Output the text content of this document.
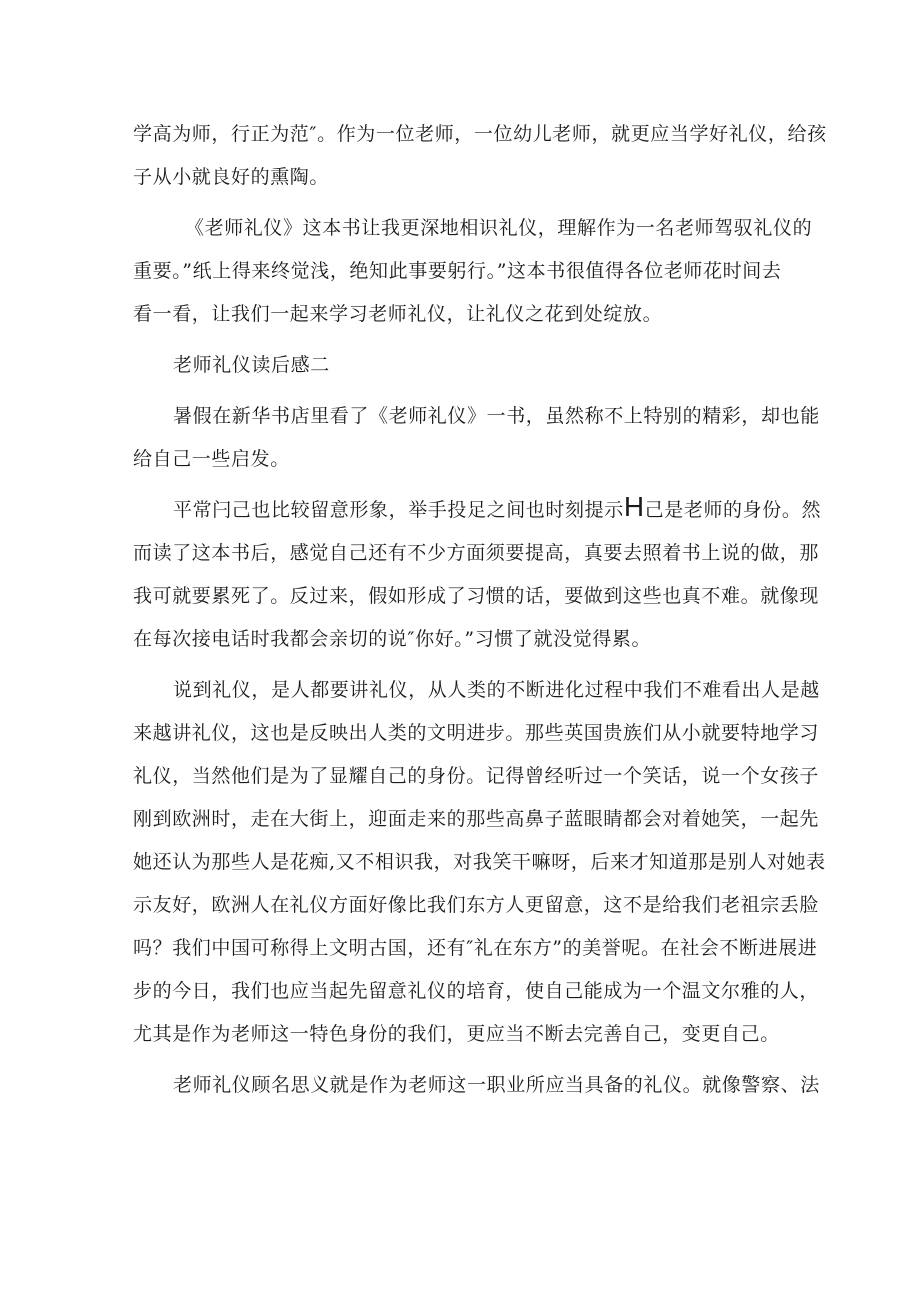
学高为师，行正为范″。作为一位老师，一位幼儿老师，就更应当学好礼仪，给孩
子从小就良好的熏陶。
《老师礼仪》这本书让我更深地相识礼仪，理解作为一名老师驾驭礼仪的
重要。”纸上得来终觉浅，绝知此事要躬行。”这本书很值得各位老师花时间去
看一看，让我们一起来学习老师礼仪，让礼仪之花到处绽放。
老师礼仪读后感二
暑假在新华书店里看了《老师礼仪》一书，虽然称不上特别的精彩，却也能
给自己一些启发。
平常闩己也比较留意形象，举手投足之间也时刻提示H己是老师的身份。然
而读了这本书后，感觉自己还有不少方面须要提高，真要去照着书上说的做，那
我可就要累死了。反过来，假如形成了习惯的话，要做到这些也真不难。就像现
在每次接电话时我都会亲切的说″你好。”习惯了就没觉得累。
说到礼仪，是人都要讲礼仪，从人类的不断进化过程中我们不难看出人是越
来越讲礼仪，这也是反映出人类的文明进步。那些英国贵族们从小就要特地学习
礼仪，当然他们是为了显耀自己的身份。记得曾经听过一个笑话，说一个女孩子
刚到欧洲时，走在大街上，迎面走来的那些高鼻子蓝眼睛都会对着她笑，一起先
她还认为那些人是花痴,又不相识我，对我笑干嘛呀，后来才知道那是别人对她表
示友好，欧洲人在礼仪方面好像比我们东方人更留意，这不是给我们老祖宗丢脸
吗？我们中国可称得上文明古国，还有″礼在东方”的美誉呢。在社会不断进展进
步的今日，我们也应当起先留意礼仪的培育，使自己能成为一个温文尔雅的人，
尤其是作为老师这一特色身份的我们，更应当不断去完善自己，变更自己。
老师礼仪顾名思义就是作为老师这一职业所应当具备的礼仪。就像警察、法
